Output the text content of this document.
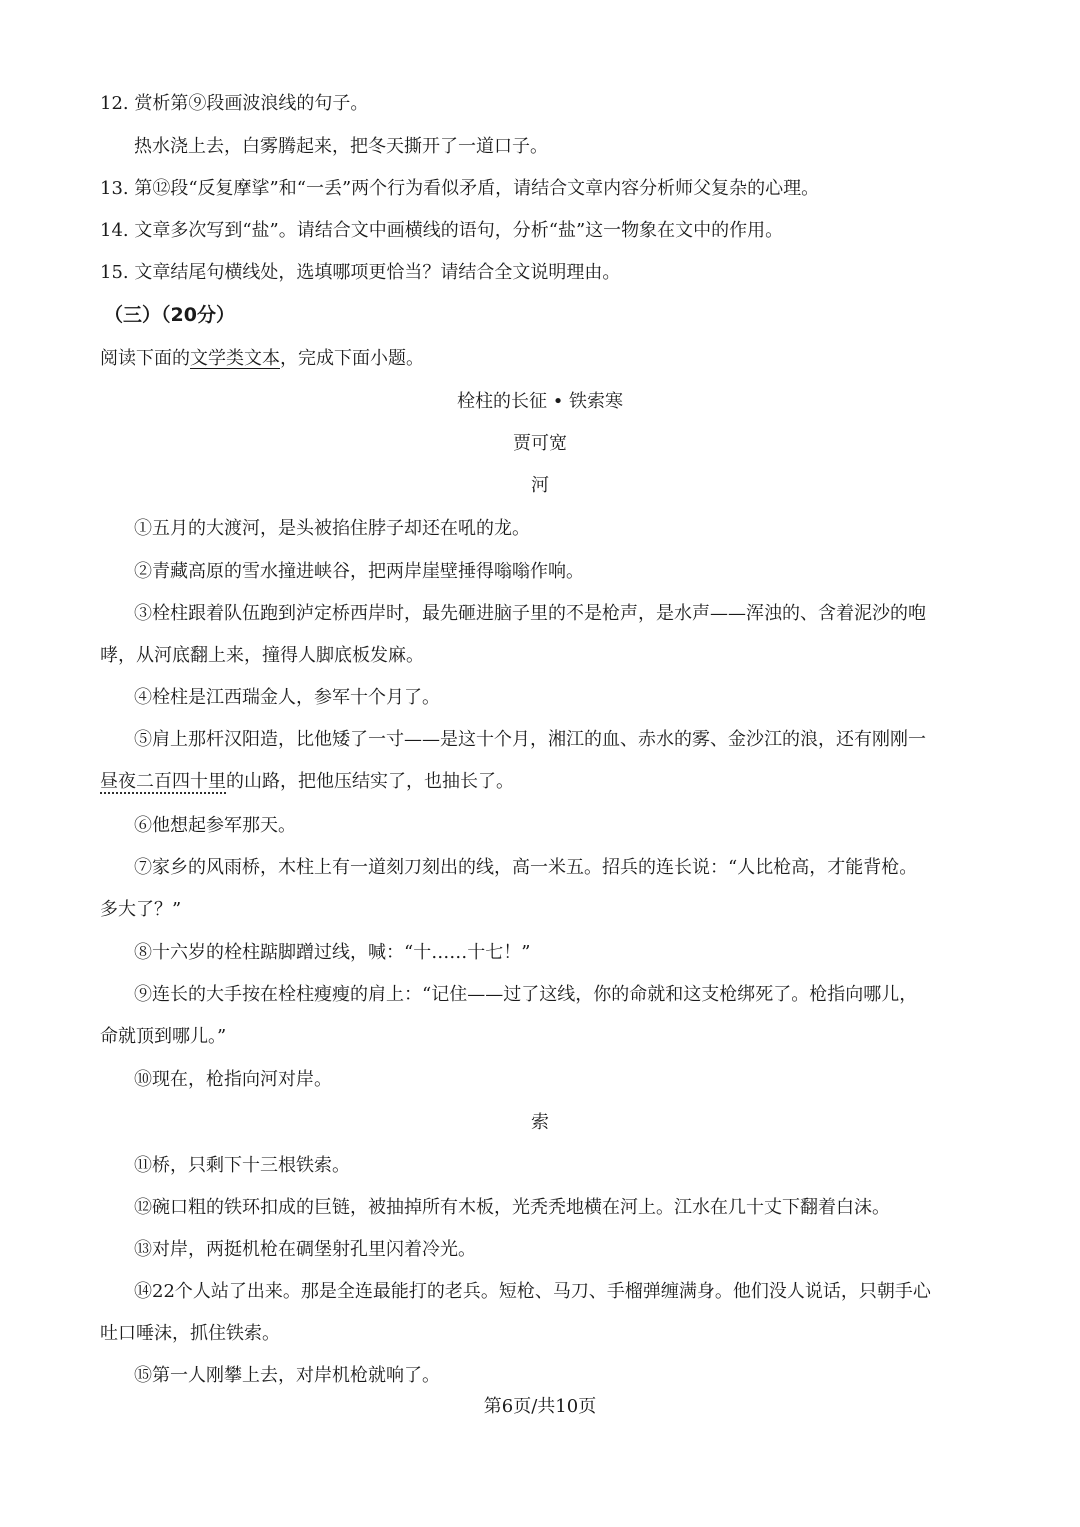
12. 赏析第⑨段画波浪线的句子。
热水浇上去，白雾腾起来，把冬天撕开了一道口子。
13. 第⑫段“反复摩挲”和“一丢”两个行为看似矛盾，请结合文章内容分析师父复杂的心理。
14. 文章多次写到“盐”。请结合文中画横线的语句，分析“盐”这一物象在文中的作用。
15. 文章结尾句横线处，选填哪项更恰当？请结合全文说明理由。
（三）（20分）
阅读下面的文学类文本，完成下面小题。
栓柱的长征 • 铁索寒
贾可宽
河
①五月的大渡河，是头被掐住脖子却还在吼的龙。
②青藏高原的雪水撞进峡谷，把两岸崖壁捶得嗡嗡作响。
③栓柱跟着队伍跑到泸定桥西岸时，最先砸进脑子里的不是枪声，是水声——浑浊的、含着泥沙的咆
哮，从河底翻上来，撞得人脚底板发麻。
④栓柱是江西瑞金人，参军十个月了。
⑤肩上那杆汉阳造，比他矮了一寸——是这十个月，湘江的血、赤水的雾、金沙江的浪，还有刚刚一
昼夜二百四十里的山路，把他压结实了，也抽长了。
⑥他想起参军那天。
⑦家乡的风雨桥，木柱上有一道刻刀刻出的线，高一米五。招兵的连长说：“人比枪高，才能背枪。
多大了？”
⑧十六岁的栓柱踮脚蹭过线，喊：“十……十七！”
⑨连长的大手按在栓柱瘦瘦的肩上：“记住——过了这线，你的命就和这支枪绑死了。枪指向哪儿，
命就顶到哪儿。”
⑩现在，枪指向河对岸。
索
⑪桥，只剩下十三根铁索。
⑫碗口粗的铁环扣成的巨链，被抽掉所有木板，光秃秃地横在河上。江水在几十丈下翻着白沫。
⑬对岸，两挺机枪在碉堡射孔里闪着冷光。
⑭22个人站了出来。那是全连最能打的老兵。短枪、马刀、手榴弹缠满身。他们没人说话，只朝手心
吐口唾沫，抓住铁索。
⑮第一人刚攀上去，对岸机枪就响了。
第6页/共10页
